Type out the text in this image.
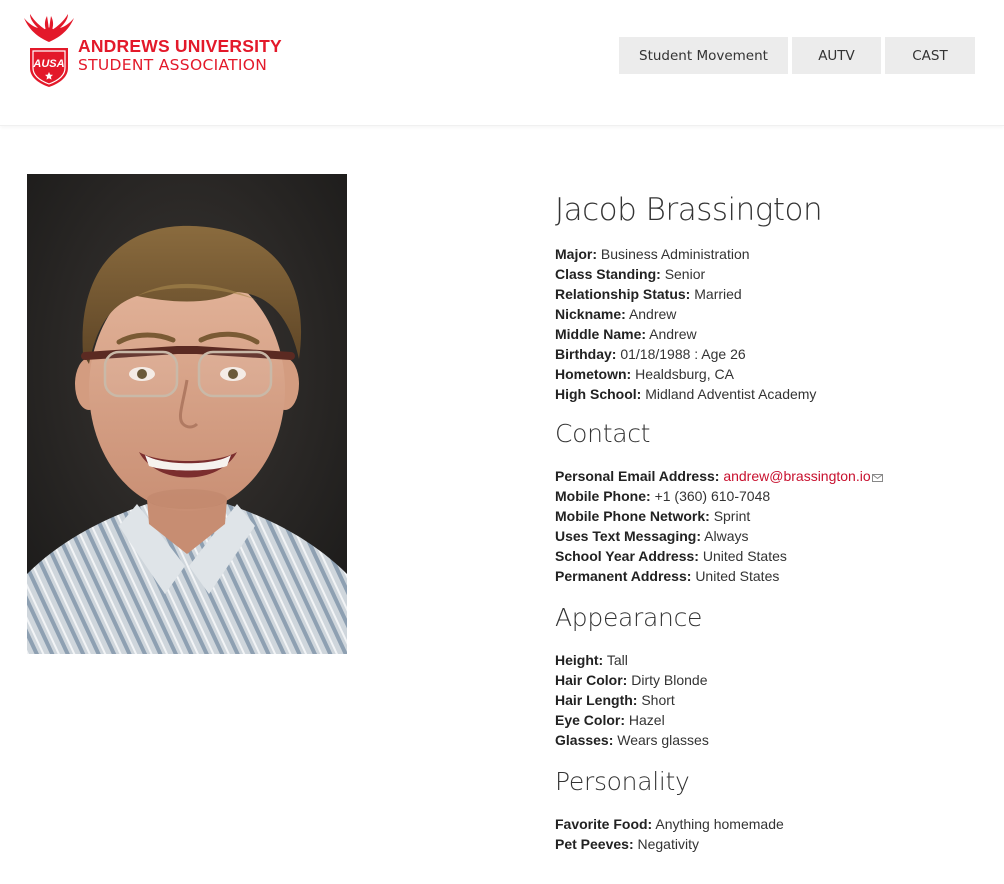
AUSA
ANDREWS UNIVERSITY
STUDENT ASSOCIATION	Student Movement	AUTV	CAST
Jacob Brassington
Major: Business Administration
Class Standing: Senior
Relationship Status: Married
Nickname: Andrew
Middle Name: Andrew
Birthday: 01/18/1988 : Age 26
Hometown: Healdsburg, CA
High School: Midland Adventist Academy
Contact
Personal Email Address: andrew@brassington.io
Mobile Phone: +1 (360) 610-7048
Mobile Phone Network: Sprint
Uses Text Messaging: Always
School Year Address: United States
Permanent Address: United States
Appearance
Height: Tall
Hair Color: Dirty Blonde
Hair Length: Short
Eye Color: Hazel
Glasses: Wears glasses
Personality
Favorite Food: Anything homemade
Pet Peeves: Negativity
